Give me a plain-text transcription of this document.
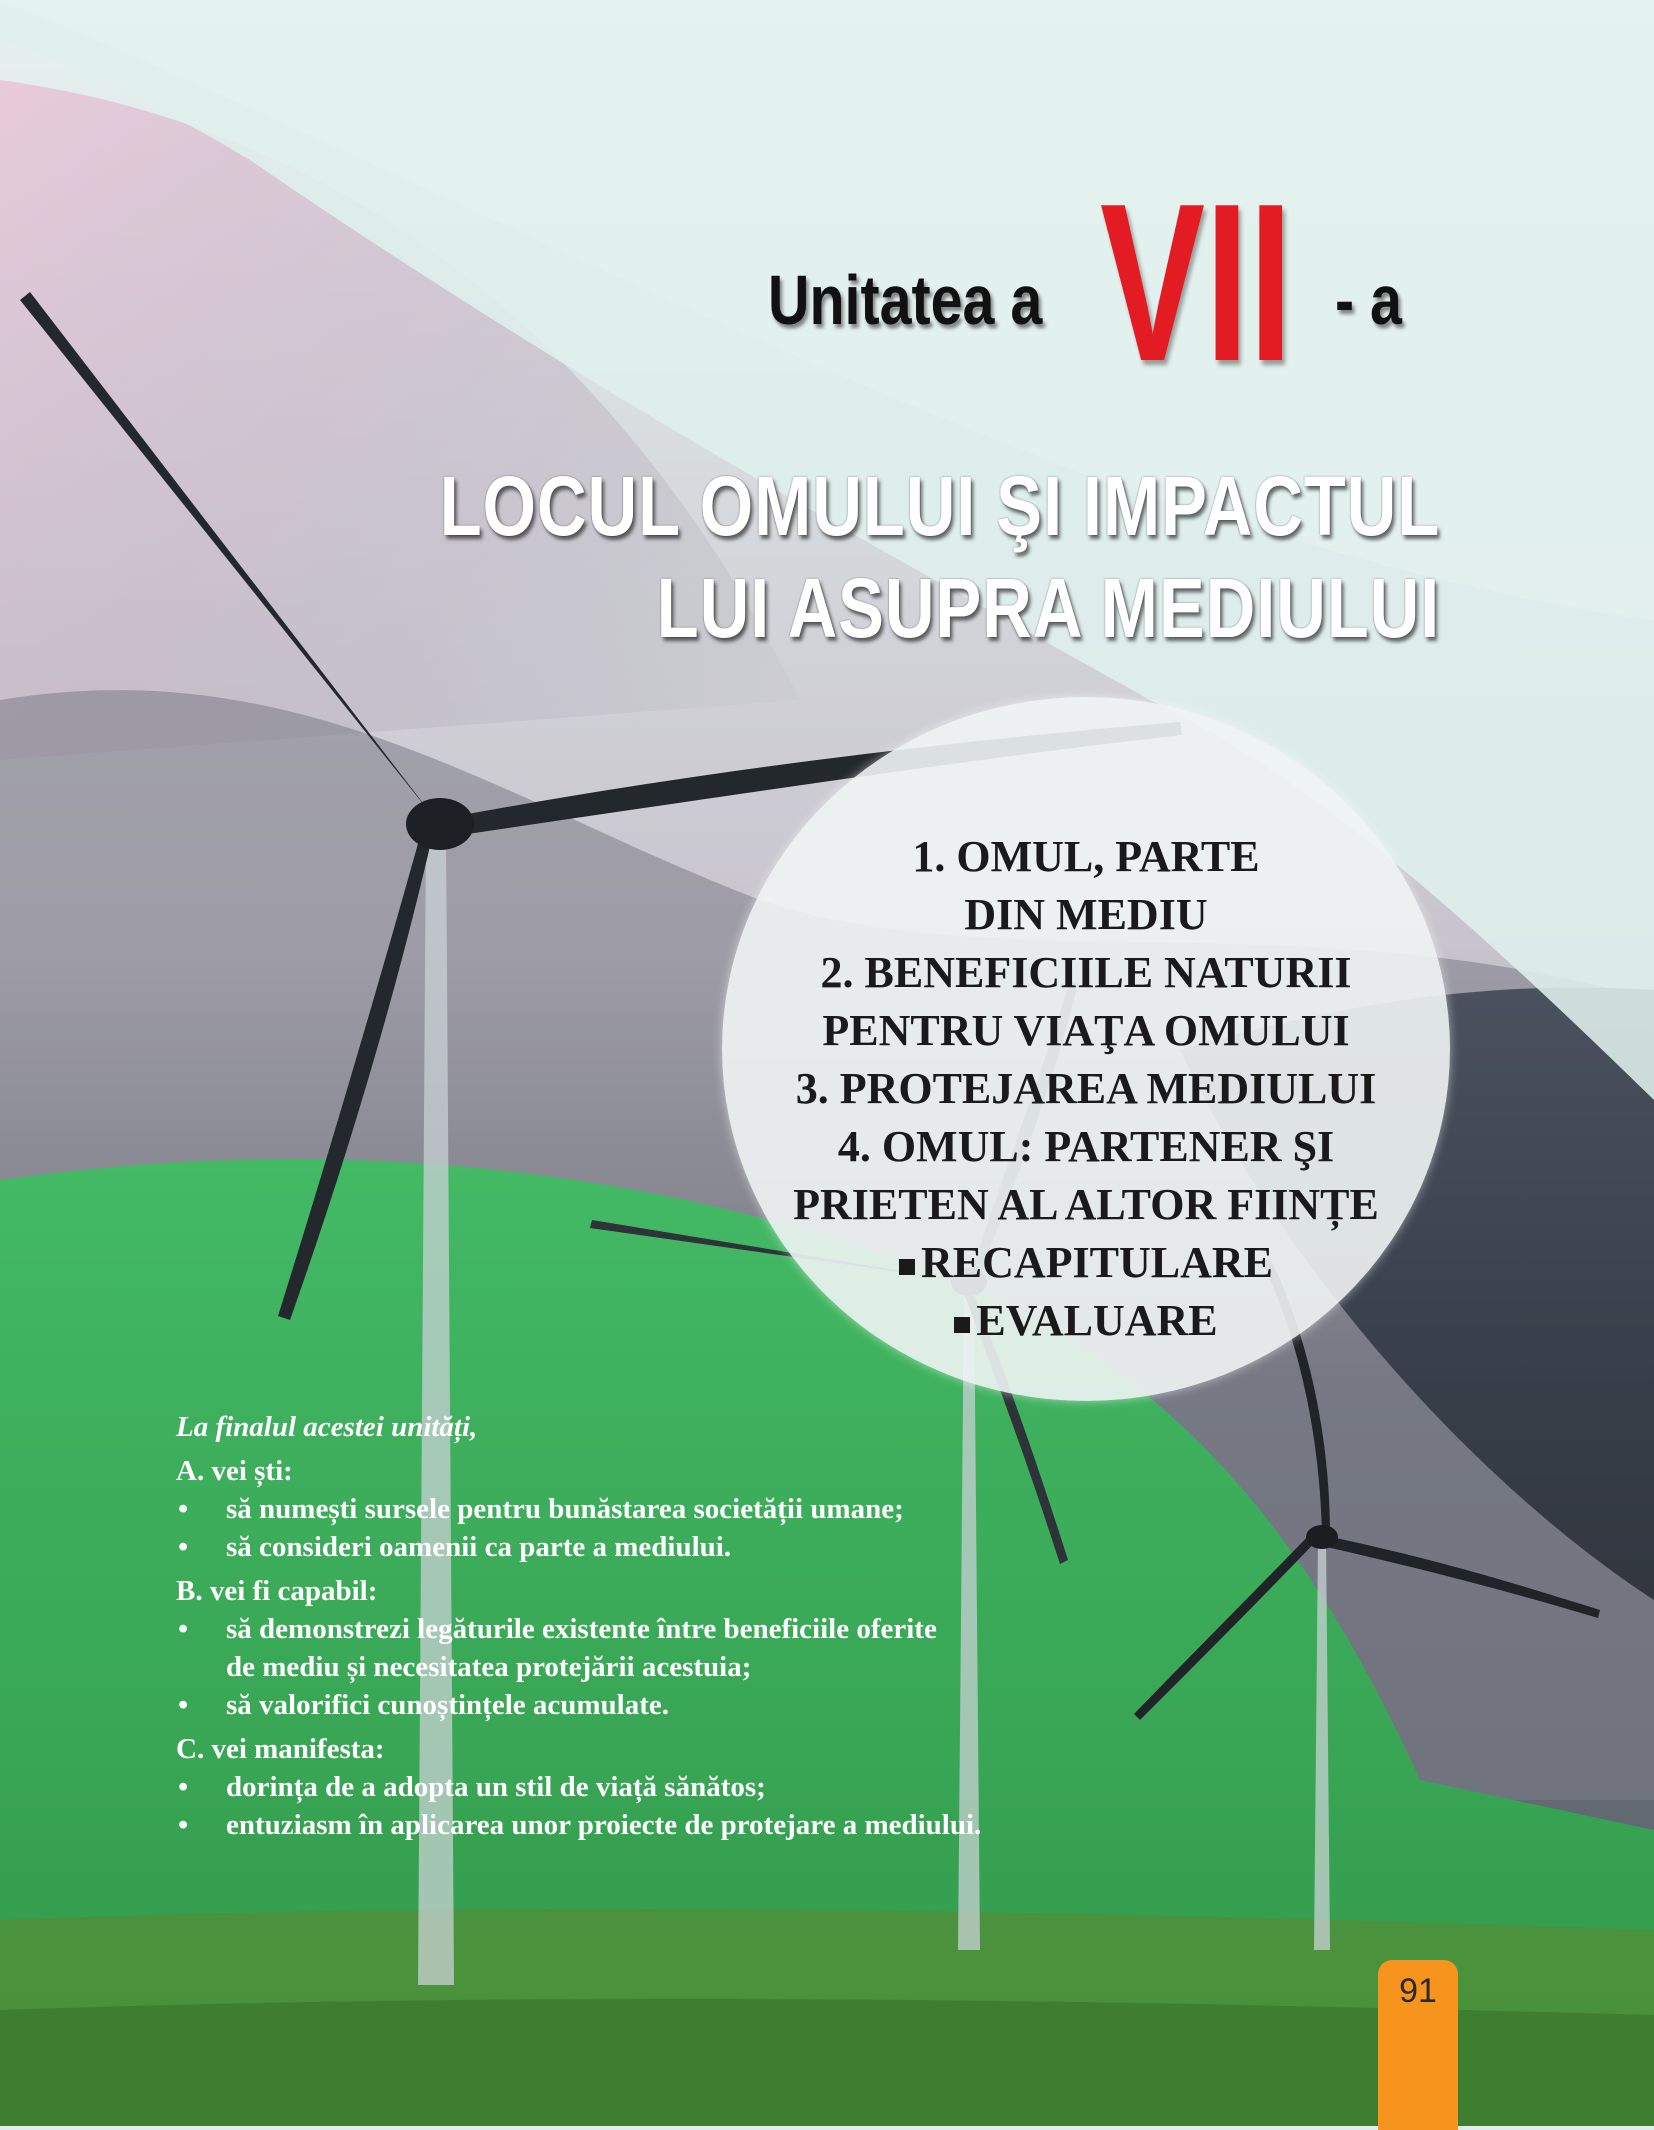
Unitatea a VII - a
LOCUL OMULUI ŞI IMPACTUL
LUI ASUPRA MEDIULUI
1. OMUL, PARTE
DIN MEDIU
2. BENEFICIILE NATURII
PENTRU VIAŢA OMULUI
3. PROTEJAREA MEDIULUI
4. OMUL: PARTENER ŞI
PRIETEN AL ALTOR FIINȚE
RECAPITULARE
EVALUARE
La finalul acestei unități,
A. vei ști:
• să numești sursele pentru bunăstarea societății umane;
• să consideri oamenii ca parte a mediului.
B. vei fi capabil:
• să demonstrezi legăturile existente între beneficiile oferite de mediu și necesitatea protejării acestuia;
• să valorifici cunoștințele acumulate.
C. vei manifesta:
• dorința de a adopta un stil de viață sănătos;
• entuziasm în aplicarea unor proiecte de protejare a mediului.
91
